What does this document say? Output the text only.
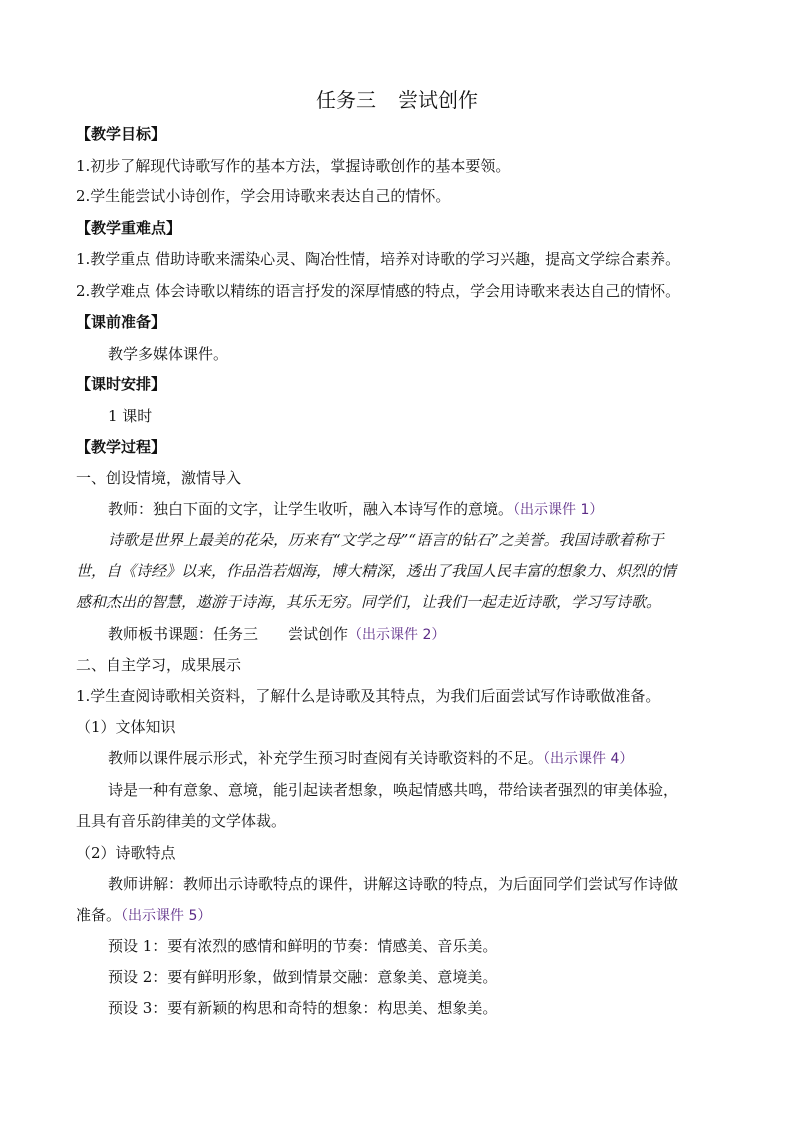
任务三 尝试创作
【教学目标】
1.初步了解现代诗歌写作的基本方法，掌握诗歌创作的基本要领。
2.学生能尝试小诗创作，学会用诗歌来表达自己的情怀。
【教学重难点】
1.教学重点 借助诗歌来濡染心灵、陶冶性情，培养对诗歌的学习兴趣，提高文学综合素养。
2.教学难点 体会诗歌以精练的语言抒发的深厚情感的特点，学会用诗歌来表达自己的情怀。
【课前准备】
教学多媒体课件。
【课时安排】
1 课时
【教学过程】
一、创设情境，激情导入
教师：独白下面的文字，让学生收听，融入本诗写作的意境。（出示课件 1）
诗歌是世界上最美的花朵，历来有“文学之母”“语言的钻石”之美誉。我国诗歌着称于
世，自《诗经》以来，作品浩若烟海，博大精深，透出了我国人民丰富的想象力、炽烈的情
感和杰出的智慧，遨游于诗海，其乐无穷。同学们，让我们一起走近诗歌，学习写诗歌。
教师板书课题：任务三　　尝试创作（出示课件 2）
二、自主学习，成果展示
1.学生查阅诗歌相关资料，了解什么是诗歌及其特点，为我们后面尝试写作诗歌做准备。
（1）文体知识
教师以课件展示形式，补充学生预习时查阅有关诗歌资料的不足。（出示课件 4）
诗是一种有意象、意境，能引起读者想象，唤起情感共鸣，带给读者强烈的审美体验，
且具有音乐韵律美的文学体裁。
（2）诗歌特点
教师讲解：教师出示诗歌特点的课件，讲解这诗歌的特点，为后面同学们尝试写作诗做
准备。（出示课件 5）
预设 1：要有浓烈的感情和鲜明的节奏：情感美、音乐美。
预设 2：要有鲜明形象，做到情景交融：意象美、意境美。
预设 3：要有新颖的构思和奇特的想象：构思美、想象美。
